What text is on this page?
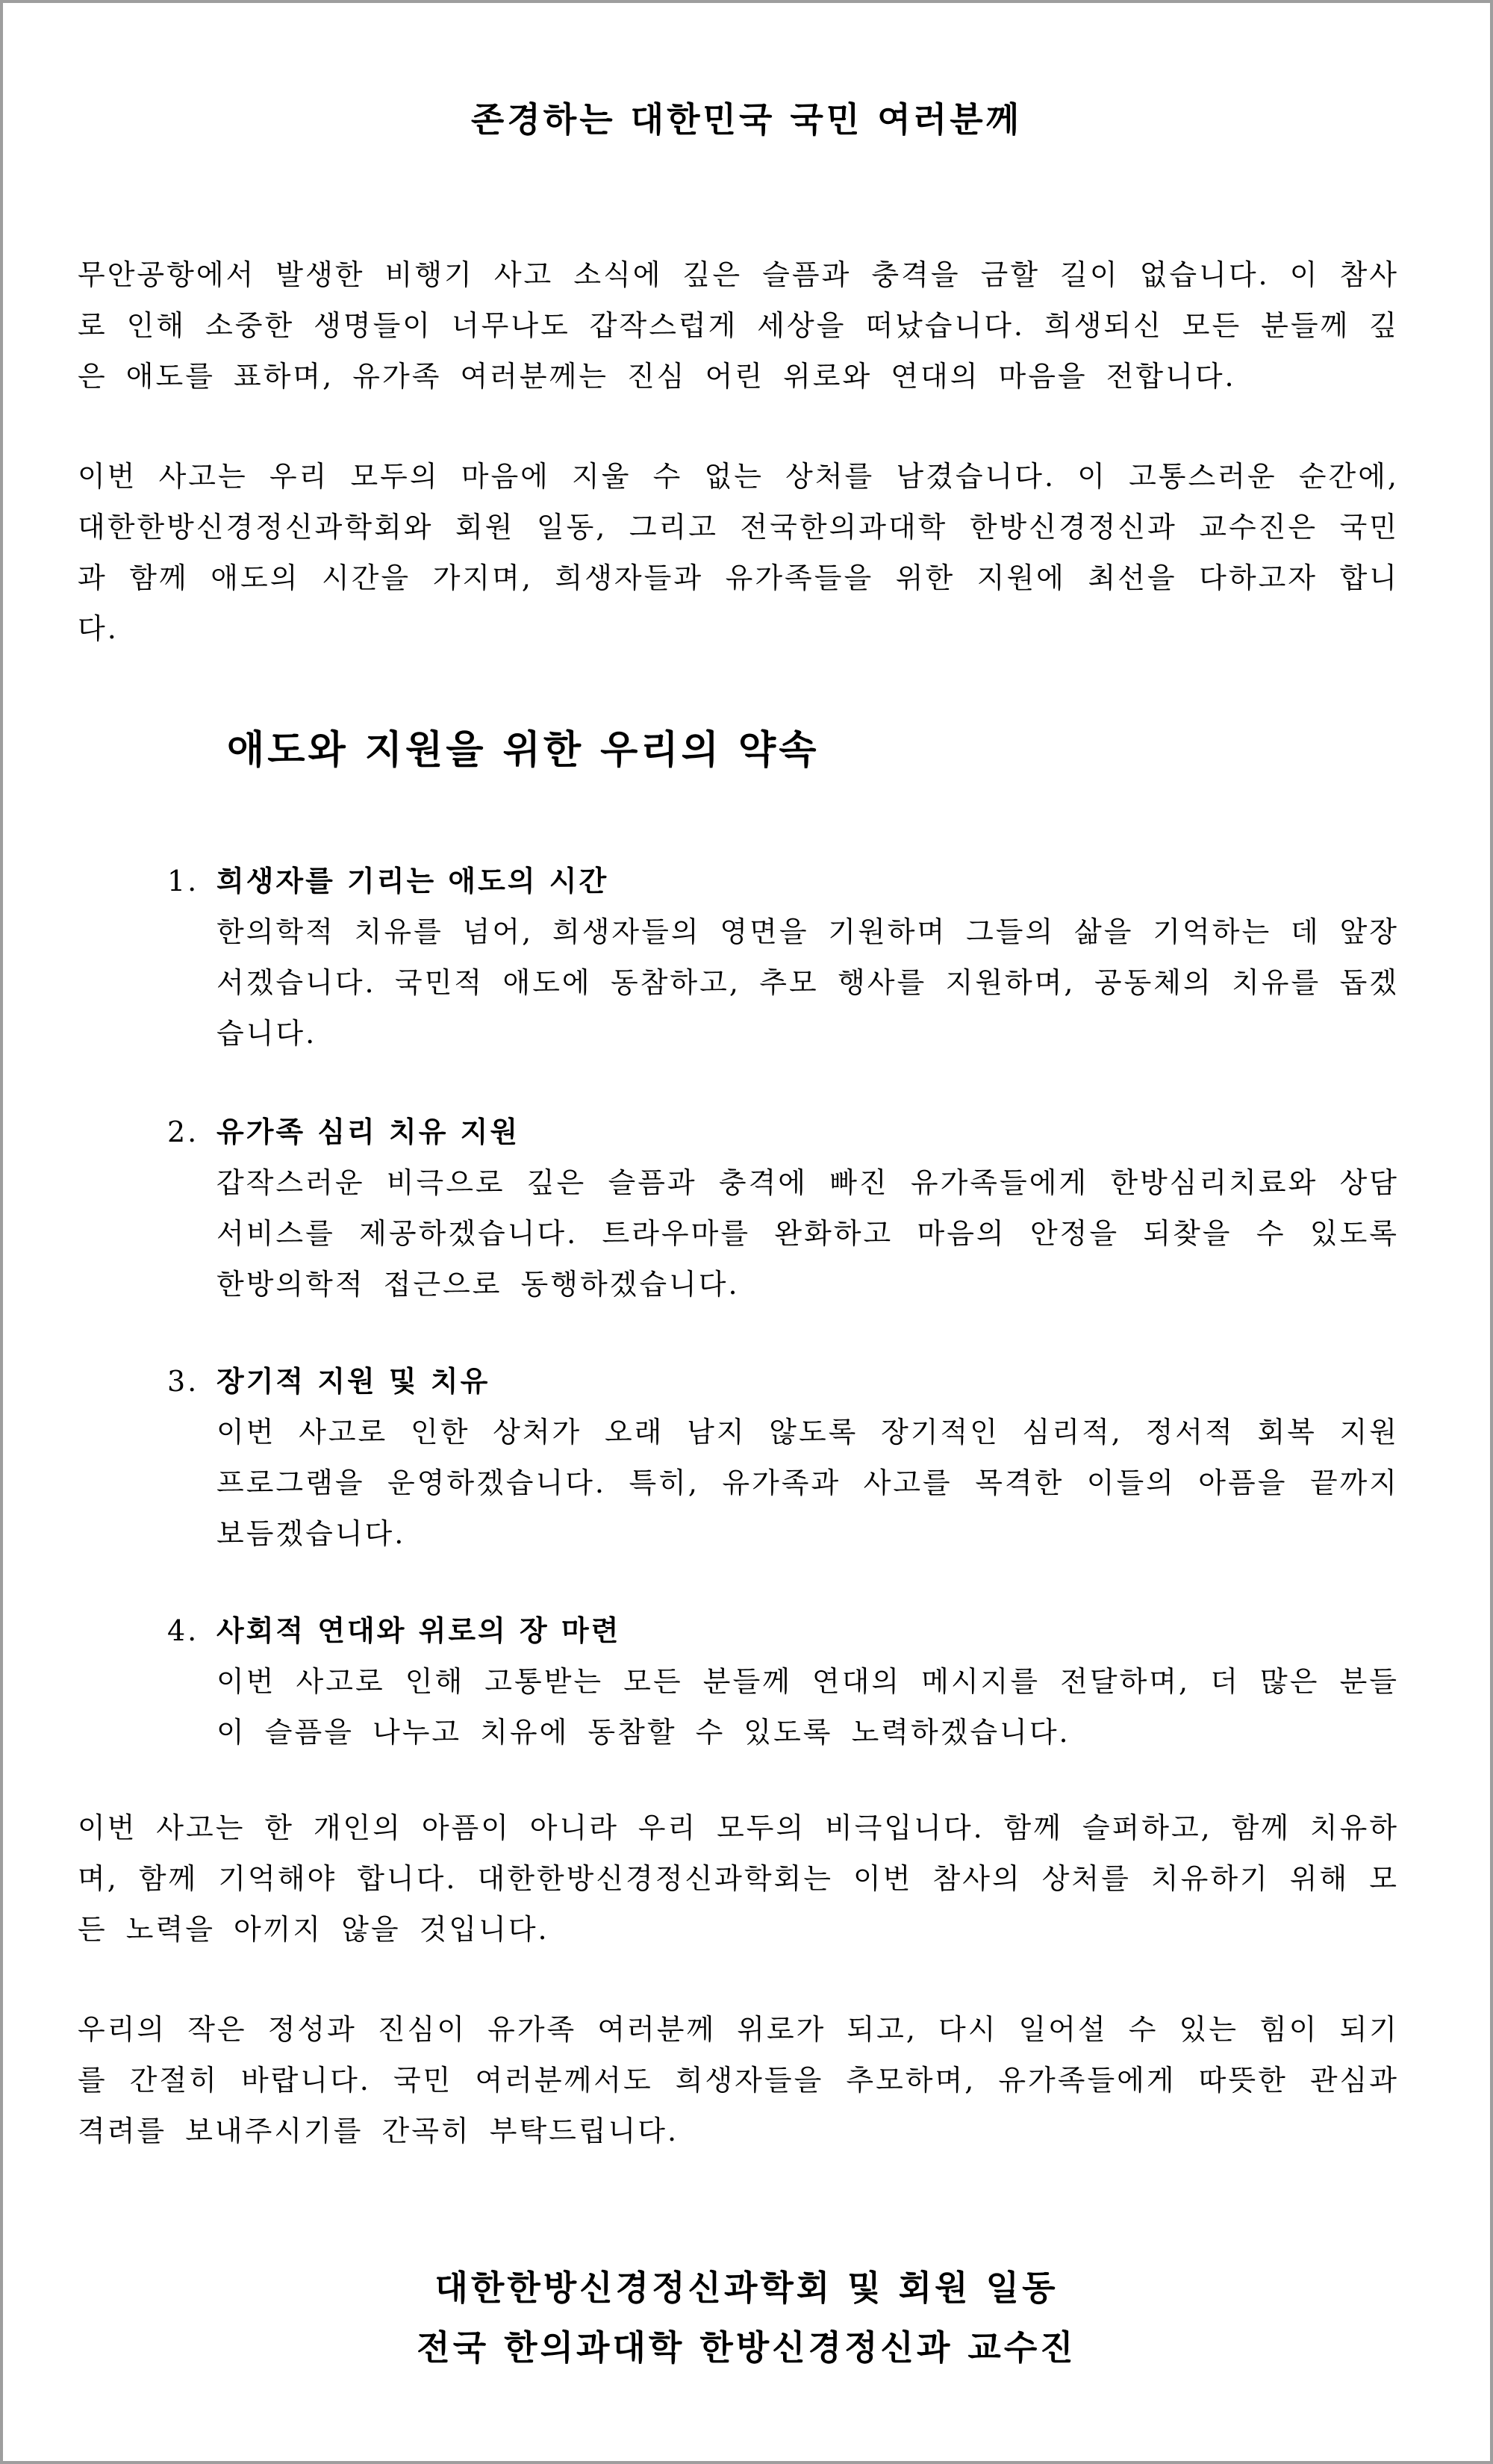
존경하는 대한민국 국민 여러분께

무안공항에서 발생한 비행기 사고 소식에 깊은 슬픔과 충격을 금할 길이 없습니다. 이 참사로 인해 소중한 생명들이 너무나도 갑작스럽게 세상을 떠났습니다. 희생되신 모든 분들께 깊은 애도를 표하며, 유가족 여러분께는 진심 어린 위로와 연대의 마음을 전합니다.

이번 사고는 우리 모두의 마음에 지울 수 없는 상처를 남겼습니다. 이 고통스러운 순간에, 대한한방신경정신과학회와 회원 일동, 그리고 전국한의과대학 한방신경정신과 교수진은 국민과 함께 애도의 시간을 가지며, 희생자들과 유가족들을 위한 지원에 최선을 다하고자 합니다.

애도와 지원을 위한 우리의 약속
1. 희생자를 기리는 애도의 시간
한의학적 치유를 넘어, 희생자들의 영면을 기원하며 그들의 삶을 기억하는 데 앞장서겠습니다. 국민적 애도에 동참하고, 추모 행사를 지원하며, 공동체의 치유를 돕겠습니다.
2. 유가족 심리 치유 지원
갑작스러운 비극으로 깊은 슬픔과 충격에 빠진 유가족들에게 한방심리치료와 상담 서비스를 제공하겠습니다. 트라우마를 완화하고 마음의 안정을 되찾을 수 있도록 한방의학적 접근으로 동행하겠습니다.
3. 장기적 지원 및 치유
이번 사고로 인한 상처가 오래 남지 않도록 장기적인 심리적, 정서적 회복 지원 프로그램을 운영하겠습니다. 특히, 유가족과 사고를 목격한 이들의 아픔을 끝까지 보듬겠습니다.
4. 사회적 연대와 위로의 장 마련
이번 사고로 인해 고통받는 모든 분들께 연대의 메시지를 전달하며, 더 많은 분들이 슬픔을 나누고 치유에 동참할 수 있도록 노력하겠습니다.

이번 사고는 한 개인의 아픔이 아니라 우리 모두의 비극입니다. 함께 슬퍼하고, 함께 치유하며, 함께 기억해야 합니다. 대한한방신경정신과학회는 이번 참사의 상처를 치유하기 위해 모든 노력을 아끼지 않을 것입니다.

우리의 작은 정성과 진심이 유가족 여러분께 위로가 되고, 다시 일어설 수 있는 힘이 되기를 간절히 바랍니다. 국민 여러분께서도 희생자들을 추모하며, 유가족들에게 따뜻한 관심과 격려를 보내주시기를 간곡히 부탁드립니다.

대한한방신경정신과학회 및 회원 일동
전국 한의과대학 한방신경정신과 교수진
